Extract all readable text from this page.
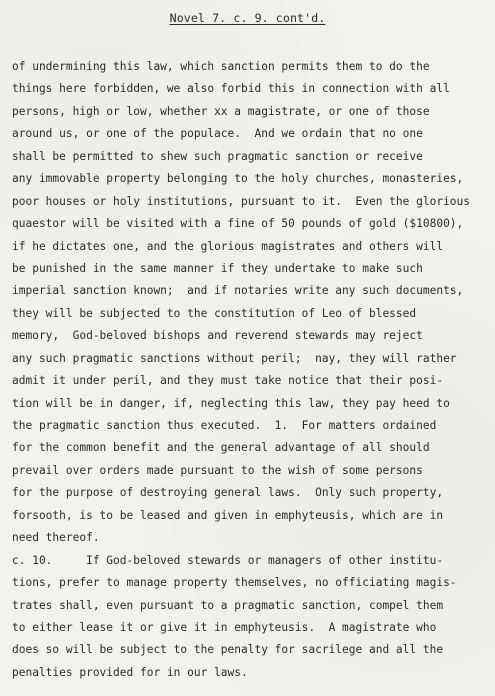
Novel 7. c. 9. cont'd.
of undermining this law, which sanction permits them to do the
things here forbidden, we also forbid this in connection with all
persons, high or low, whether xx a magistrate, or one of those
around us, or one of the populace.  And we ordain that no one
shall be permitted to shew such pragmatic sanction or receive
any immovable property belonging to the holy churches, monasteries,
poor houses or holy institutions, pursuant to it.  Even the glorious
quaestor will be visited with a fine of 50 pounds of gold ($10800),
if he dictates one, and the glorious magistrates and others will
be punished in the same manner if they undertake to make such
imperial sanction known;  and if notaries write any such documents,
they will be subjected to the constitution of Leo of blessed
memory,  God-beloved bishops and reverend stewards may reject
any such pragmatic sanctions without peril;  nay, they will rather
admit it under peril, and they must take notice that their posi-
tion will be in danger, if, neglecting this law, they pay heed to
the pragmatic sanction thus executed.  1.  For matters ordained
for the common benefit and the general advantage of all should
prevail over orders made pursuant to the wish of some persons
for the purpose of destroying general laws.  Only such property,
forsooth, is to be leased and given in emphyteusis, which are in
need thereof.
c. 10.     If God-beloved stewards or managers of other institu-
tions, prefer to manage property themselves, no officiating magis-
trates shall, even pursuant to a pragmatic sanction, compel them
to either lease it or give it in emphyteusis.  A magistrate who
does so will be subject to the penalty for sacrilege and all the
penalties provided for in our laws.
